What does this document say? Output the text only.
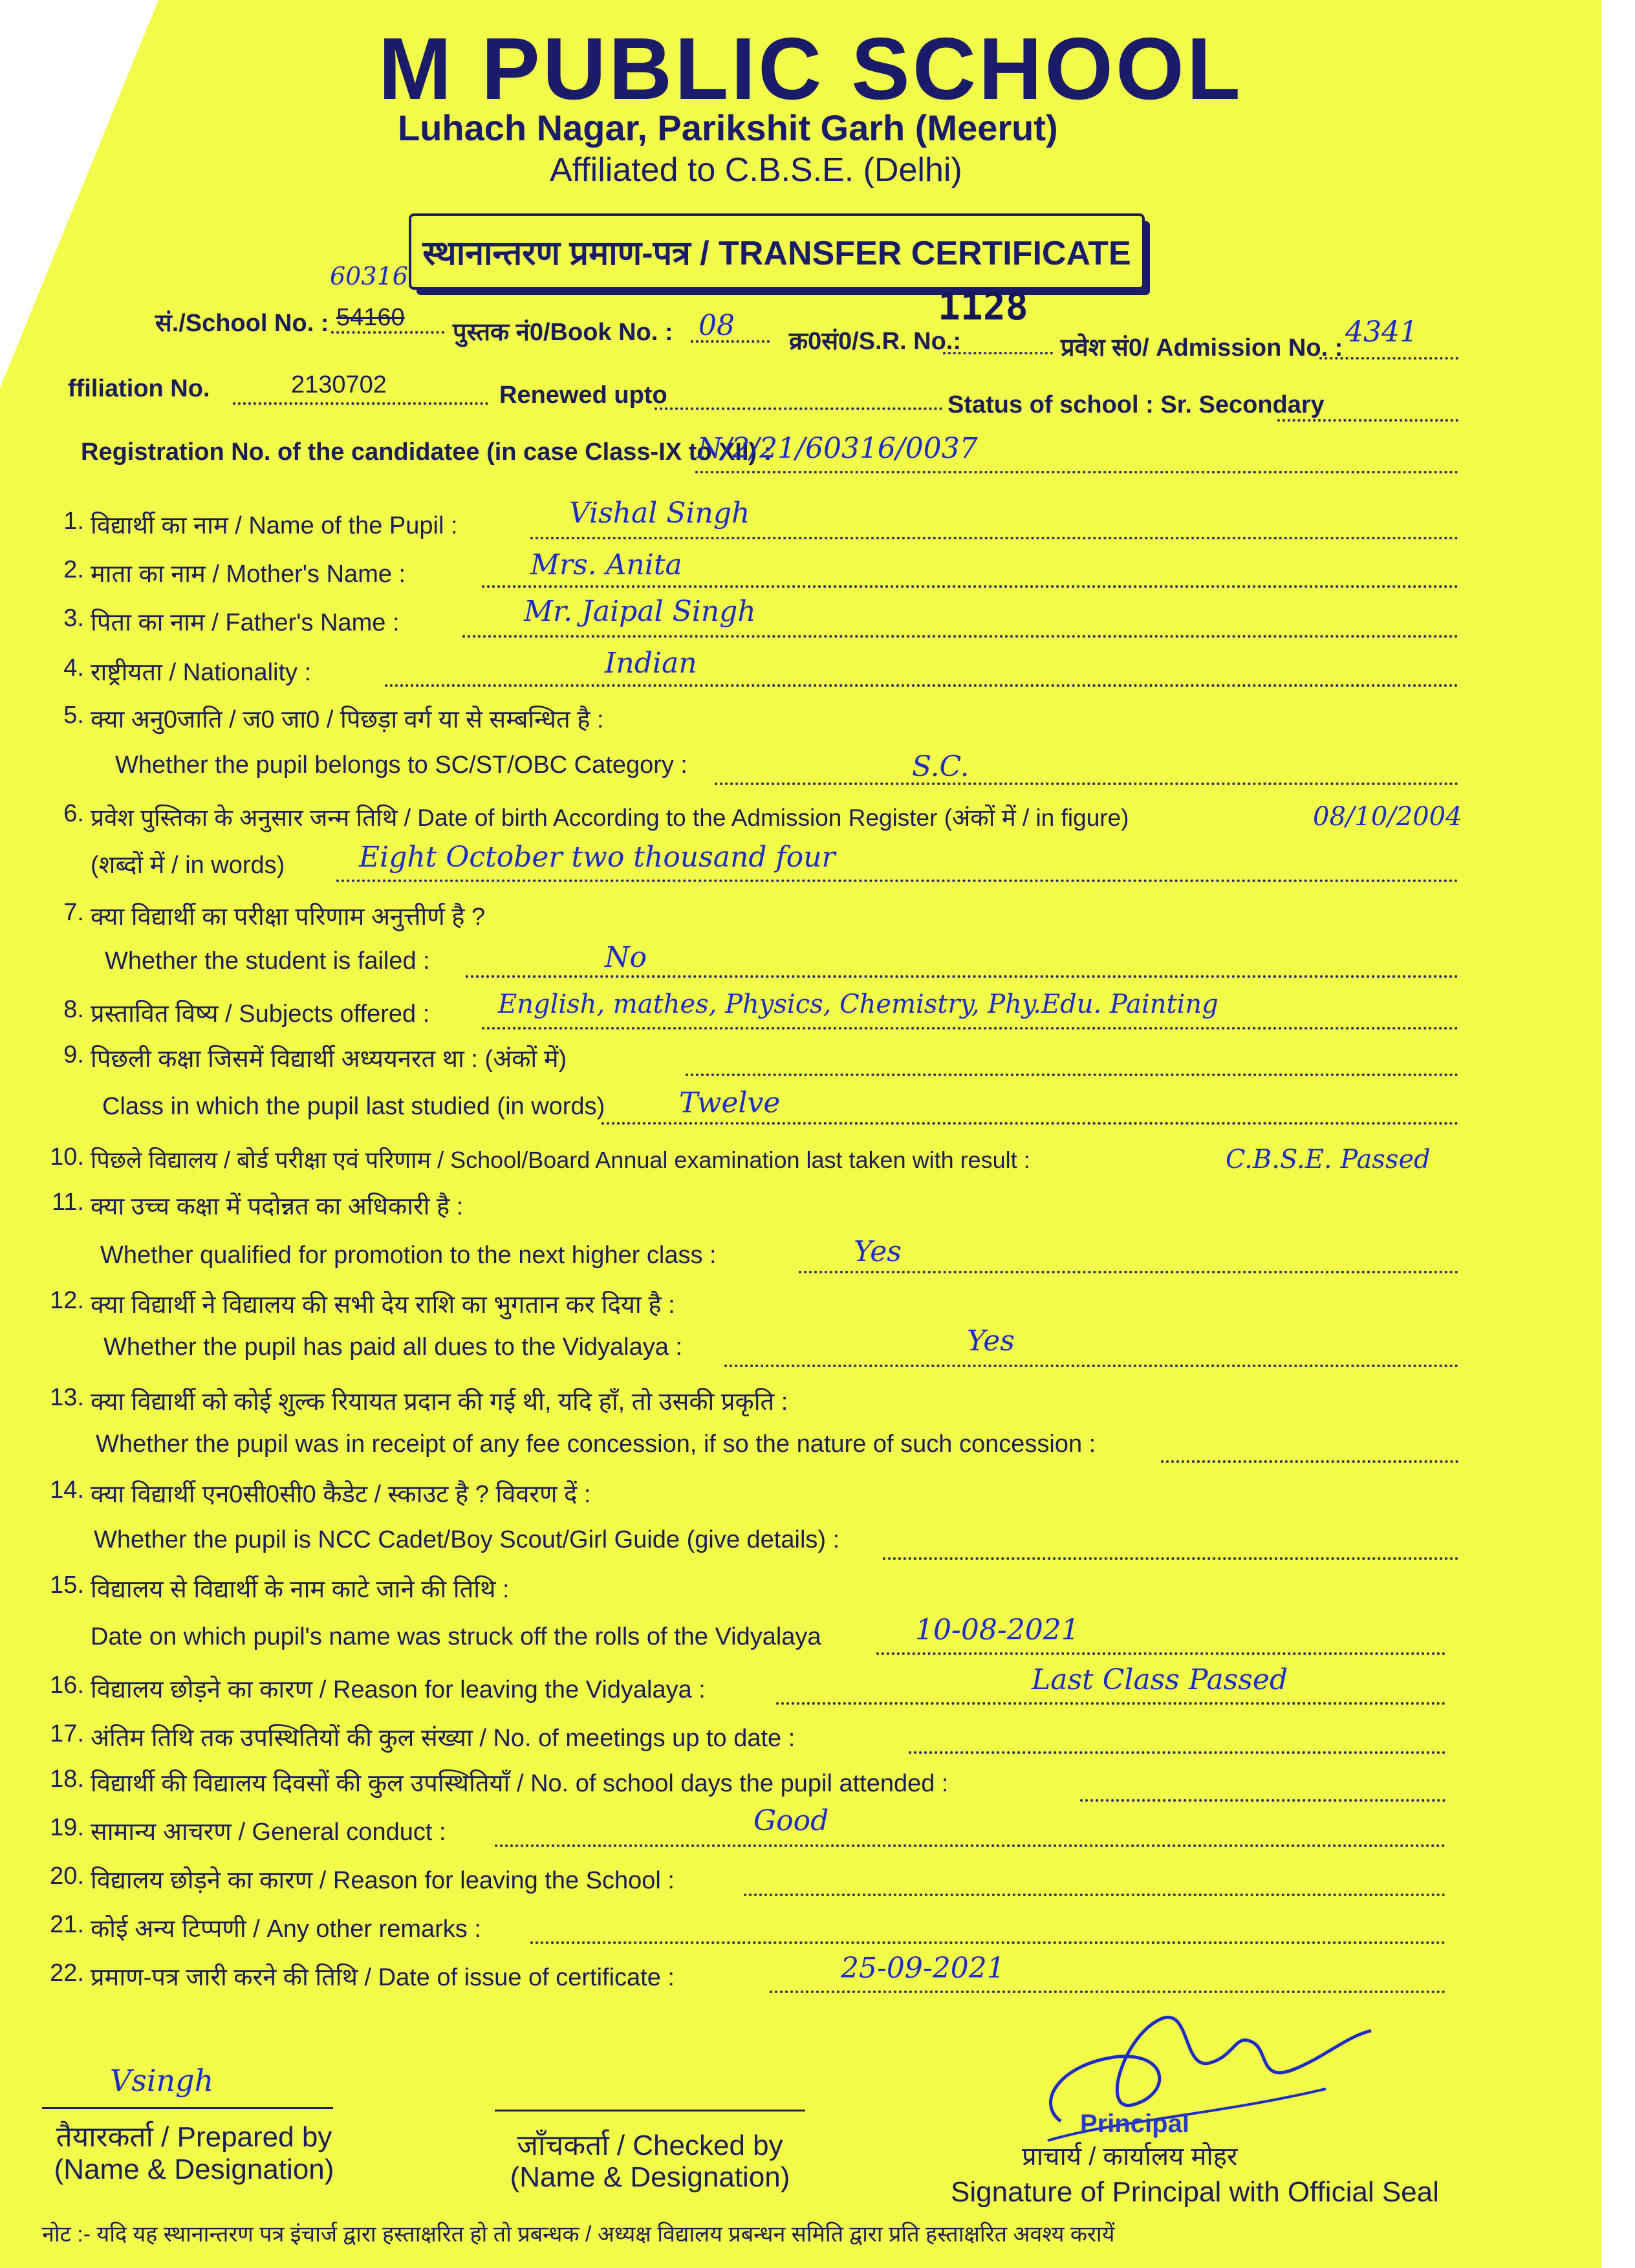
M PUBLIC SCHOOL
Luhach Nagar, Parikshit Garh (Meerut)
Affiliated to C.B.S.E. (Delhi)
स्थानान्तरण प्रमाण-पत्र / TRANSFER CERTIFICATE
60316
सं./School No. : 54160
पुस्तक नं0/Book No. : 08 क्र0सं0/S.R. No.:
1128
प्रवेश सं0/ Admission No. : 4341
ffiliation No.	2130702	Renewed upto	Status of school : Sr. Secondary
Registration No. of the candidatee (in case Class-IX to XII) :
N/2/21/60316/0037
1. विद्यार्थी का नाम / Name of the Pupil :	Vishal Singh
2. माता का नाम / Mother's Name :	Mrs. Anita
3. पिता का नाम / Father's Name :	Mr. Jaipal Singh
4. राष्ट्रीयता / Nationality :	Indian
5. क्या अनु0जाति / ज0 जा0 / पिछड़ा वर्ग या से सम्बन्धित है :
Whether the pupil belongs to SC/ST/OBC Category :	S.C.
6. प्रवेश पुस्तिका के अनुसार जन्म तिथि / Date of birth According to the Admission Register (अंकों में / in figure)	08/10/2004
(शब्दों में / in words)	Eight October two thousand four
7. क्या विद्यार्थी का परीक्षा परिणाम अनुत्तीर्ण है ?
Whether the student is failed :	No
8. प्रस्तावित विष्य / Subjects offered :	English, mathes, Physics, Chemistry, Phy.Edu. Painting
9. पिछली कक्षा जिसमें विद्यार्थी अध्ययनरत था : (अंकों में)
Class in which the pupil last studied (in words)	Twelve
10. पिछले विद्यालय / बोर्ड परीक्षा एवं परिणाम / School/Board Annual examination last taken with result :	C.B.S.E. Passed
11. क्या उच्च कक्षा में पदोन्नत का अधिकारी है :
Whether qualified for promotion to the next higher class :	Yes
12. क्या विद्यार्थी ने विद्यालय की सभी देय राशि का भुगतान कर दिया है :
Whether the pupil has paid all dues to the Vidyalaya :	Yes
13. क्या विद्यार्थी को कोई शुल्क रियायत प्रदान की गई थी, यदि हाँ, तो उसकी प्रकृति :
Whether the pupil was in receipt of any fee concession, if so the nature of such concession :
14. क्या विद्यार्थी एन0सी0सी0 कैडेट / स्काउट है ? विवरण दें :
Whether the pupil is NCC Cadet/Boy Scout/Girl Guide (give details) :
15. विद्यालय से विद्यार्थी के नाम काटे जाने की तिथि :
Date on which pupil's name was struck off the rolls of the Vidyalaya	10-08-2021
16. विद्यालय छोड़ने का कारण / Reason for leaving the Vidyalaya :	Last Class Passed
17. अंतिम तिथि तक उपस्थितियों की कुल संख्या / No. of meetings up to date :
18. विद्यार्थी की विद्यालय दिवसों की कुल उपस्थितियाँ / No. of school days the pupil attended :
19. सामान्य आचरण / General conduct :	Good
20. विद्यालय छोड़ने का कारण / Reason for leaving the School :
21. कोई अन्य टिप्पणी / Any other remarks :
22. प्रमाण-पत्र जारी करने की तिथि / Date of issue of certificate :	25-09-2021
Vsingh
तैयारकर्ता / Prepared by
(Name & Designation)
जाँचकर्ता / Checked by
(Name & Designation)
Principal
प्राचार्य / कार्यालय मोहर
Signature of Principal with Official Seal
नोट :- यदि यह स्थानान्तरण पत्र इंचार्ज द्वारा हस्ताक्षरित हो तो प्रबन्धक / अध्यक्ष विद्यालय प्रबन्धन समिति द्वारा प्रति हस्ताक्षरित अवश्य करायें
